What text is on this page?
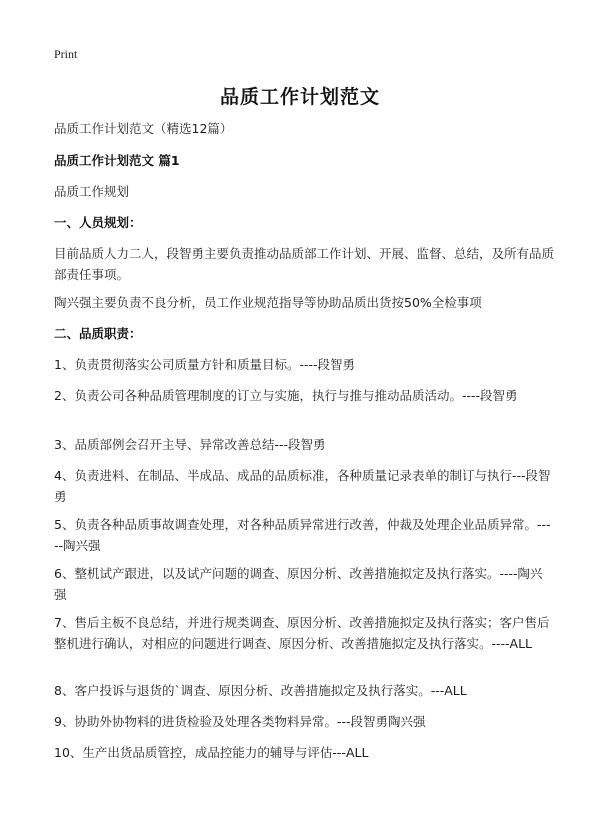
Print
品质工作计划范文
品质工作计划范文（精选12篇）
品质工作计划范文 篇1
品质工作规划
一、人员规划：
目前品质人力二人，段智勇主要负责推动品质部工作计划、开展、监督、总结，及所有品质部责任事项。
陶兴强主要负责不良分析，员工作业规范指导等协助品质出货按50%全检事项
二、品质职责：
1、负责贯彻落实公司质量方针和质量目标。----段智勇
2、负责公司各种品质管理制度的订立与实施，执行与推与推动品质活动。----段智勇
3、品质部例会召开主导、异常改善总结---段智勇
4、负责进料、在制品、半成品、成品的品质标准，各种质量记录表单的制订与执行---段智勇
5、负责各种品质事故调查处理，对各种品质异常进行改善，仲裁及处理企业品质异常。-----陶兴强
6、整机试产跟进，以及试产问题的调查、原因分析、改善措施拟定及执行落实。----陶兴强
7、售后主板不良总结，并进行规类调查、原因分析、改善措施拟定及执行落实；客户售后整机进行确认，对相应的问题进行调查、原因分析、改善措施拟定及执行落实。----ALL
8、客户投诉与退货的`调查、原因分析、改善措施拟定及执行落实。---ALL
9、协助外协物料的进货检验及处理各类物料异常。---段智勇陶兴强
10、生产出货品质管控，成品控能力的辅导与评估---ALL
